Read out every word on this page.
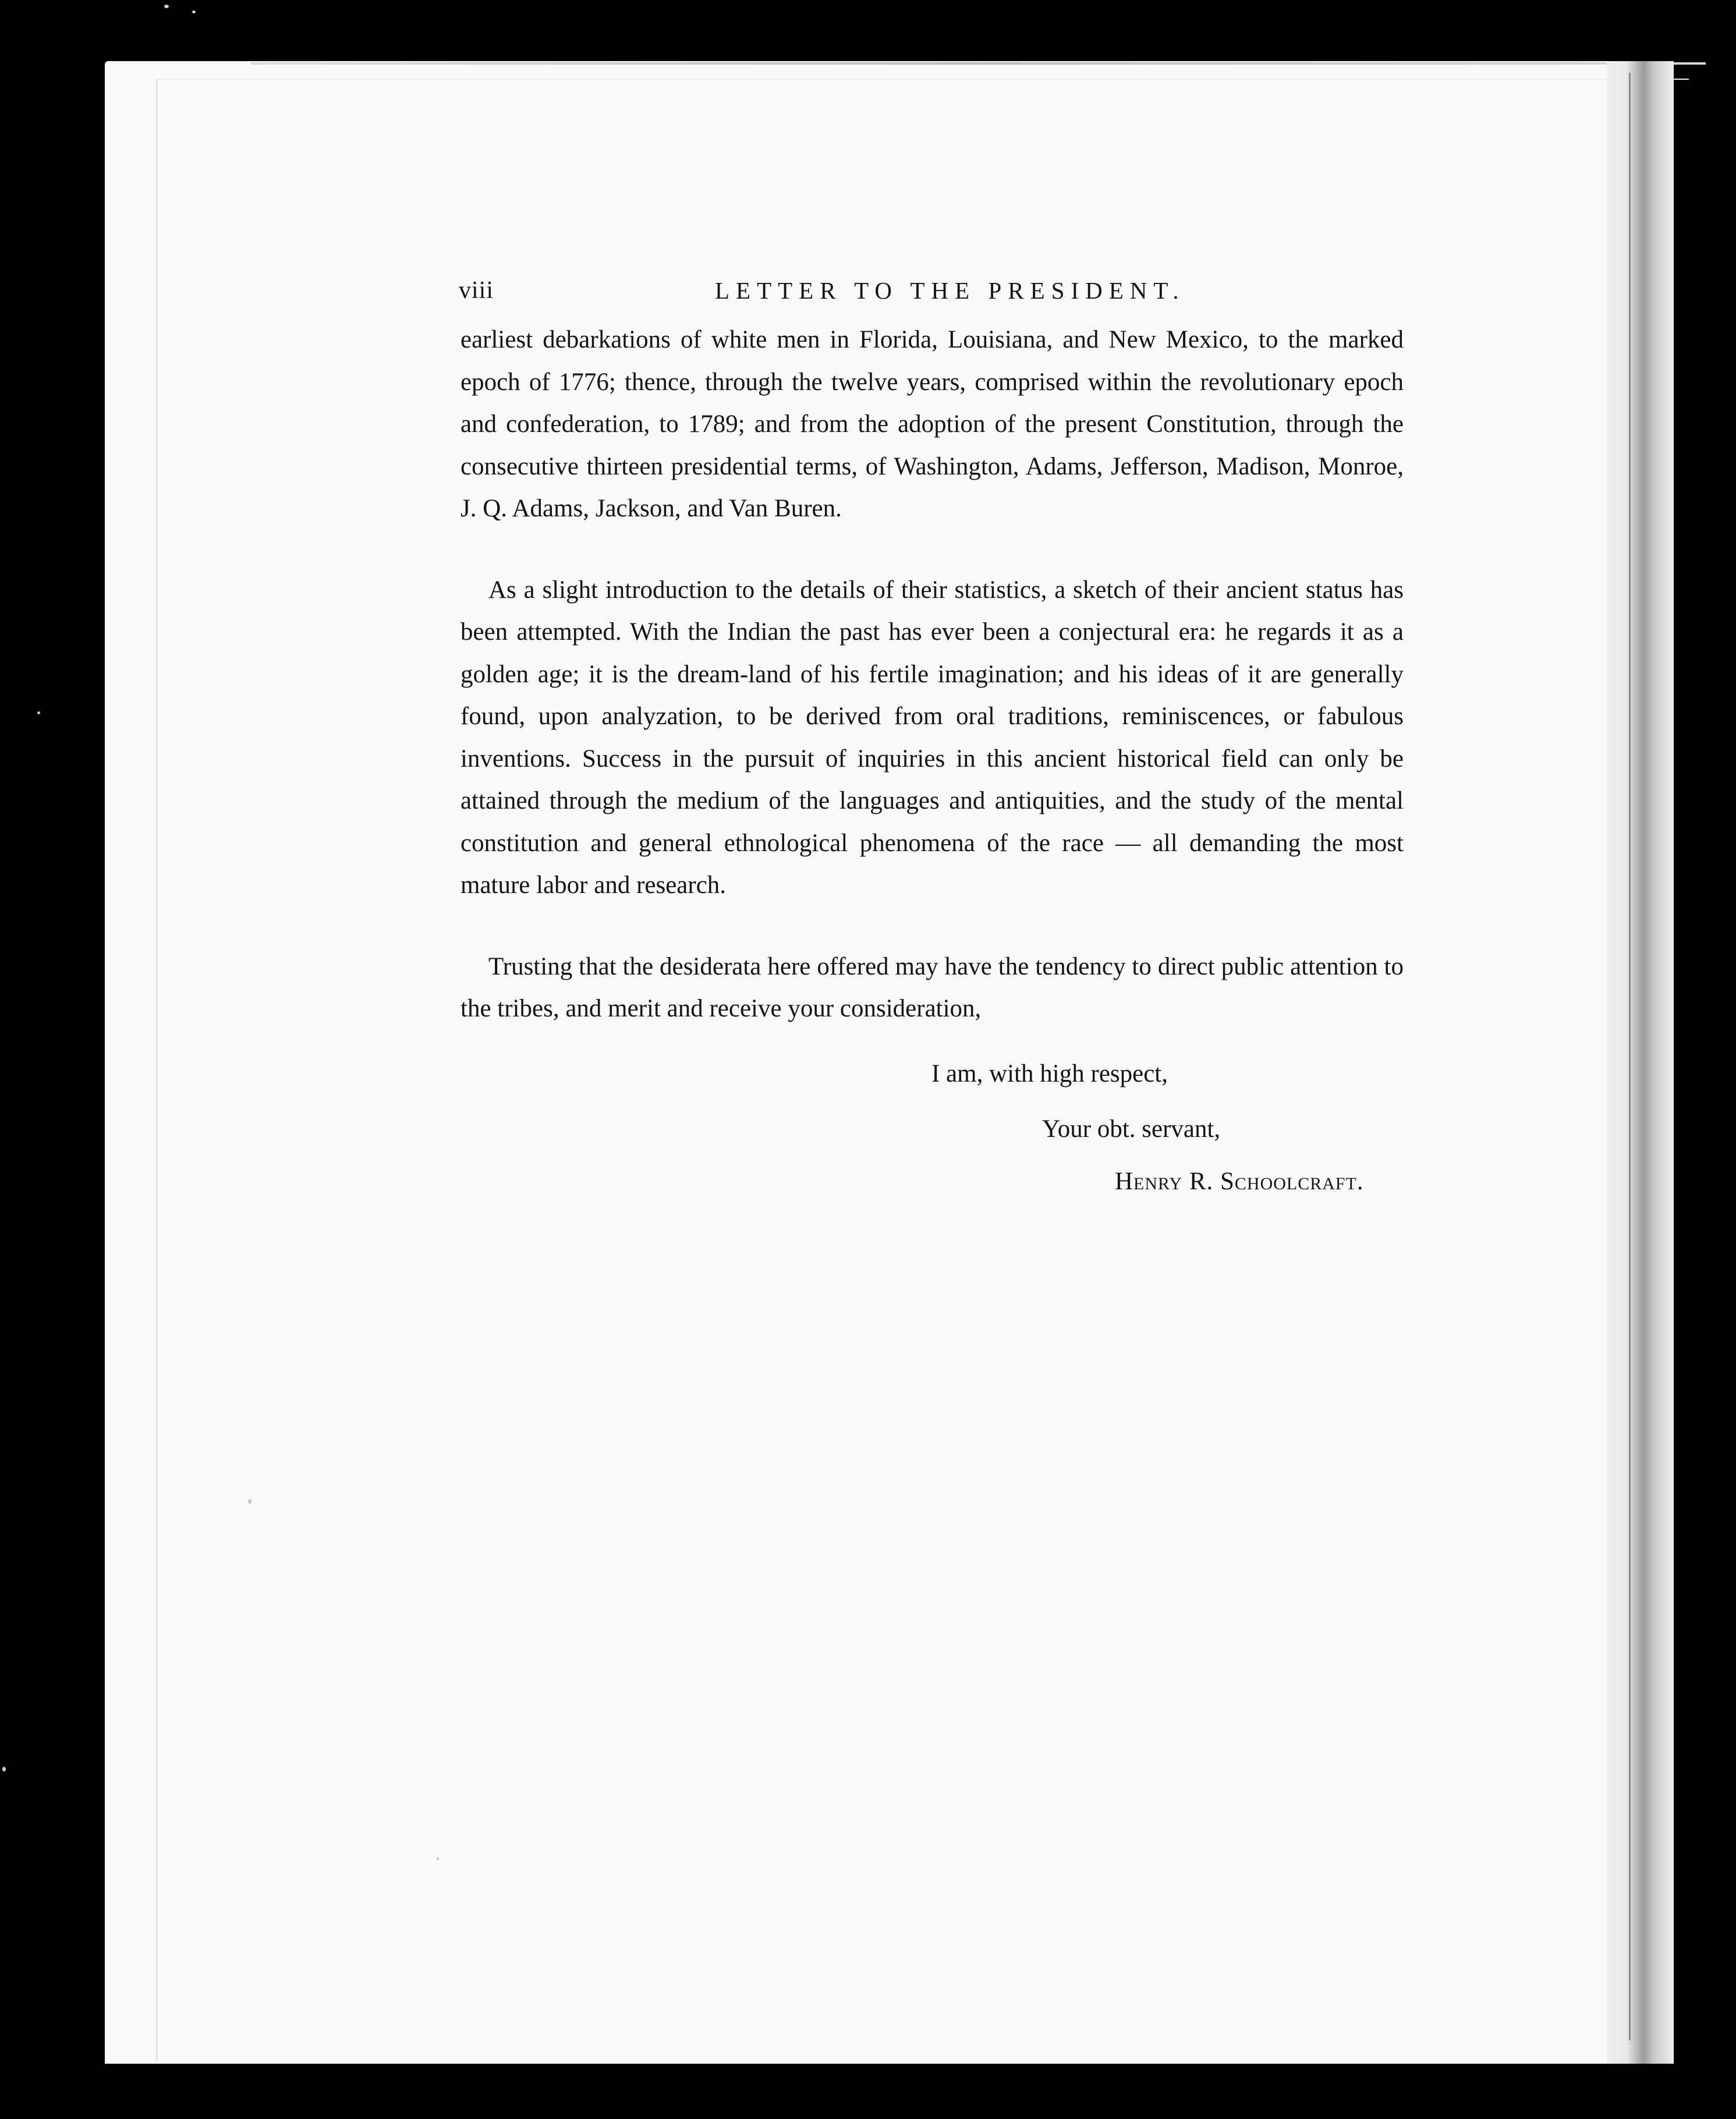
viii	LETTER TO THE PRESIDENT.

earliest debarkations of white men in Florida, Louisiana, and New Mexico, to the marked epoch of 1776; thence, through the twelve years, comprised within the revolutionary epoch and confederation, to 1789; and from the adoption of the present Constitution, through the consecutive thirteen presidential terms, of Washington, Adams, Jefferson, Madison, Monroe, J. Q. Adams, Jackson, and Van Buren.

As a slight introduction to the details of their statistics, a sketch of their ancient status has been attempted. With the Indian the past has ever been a conjectural era: he regards it as a golden age; it is the dream-land of his fertile imagination; and his ideas of it are generally found, upon analyzation, to be derived from oral traditions, reminiscences, or fabulous inventions. Success in the pursuit of inquiries in this ancient historical field can only be attained through the medium of the languages and antiquities, and the study of the mental constitution and general ethnological phenomena of the race — all demanding the most mature labor and research.

Trusting that the desiderata here offered may have the tendency to direct public attention to the tribes, and merit and receive your consideration,

I am, with high respect,
Your obt. servant,
Henry R. Schoolcraft.
